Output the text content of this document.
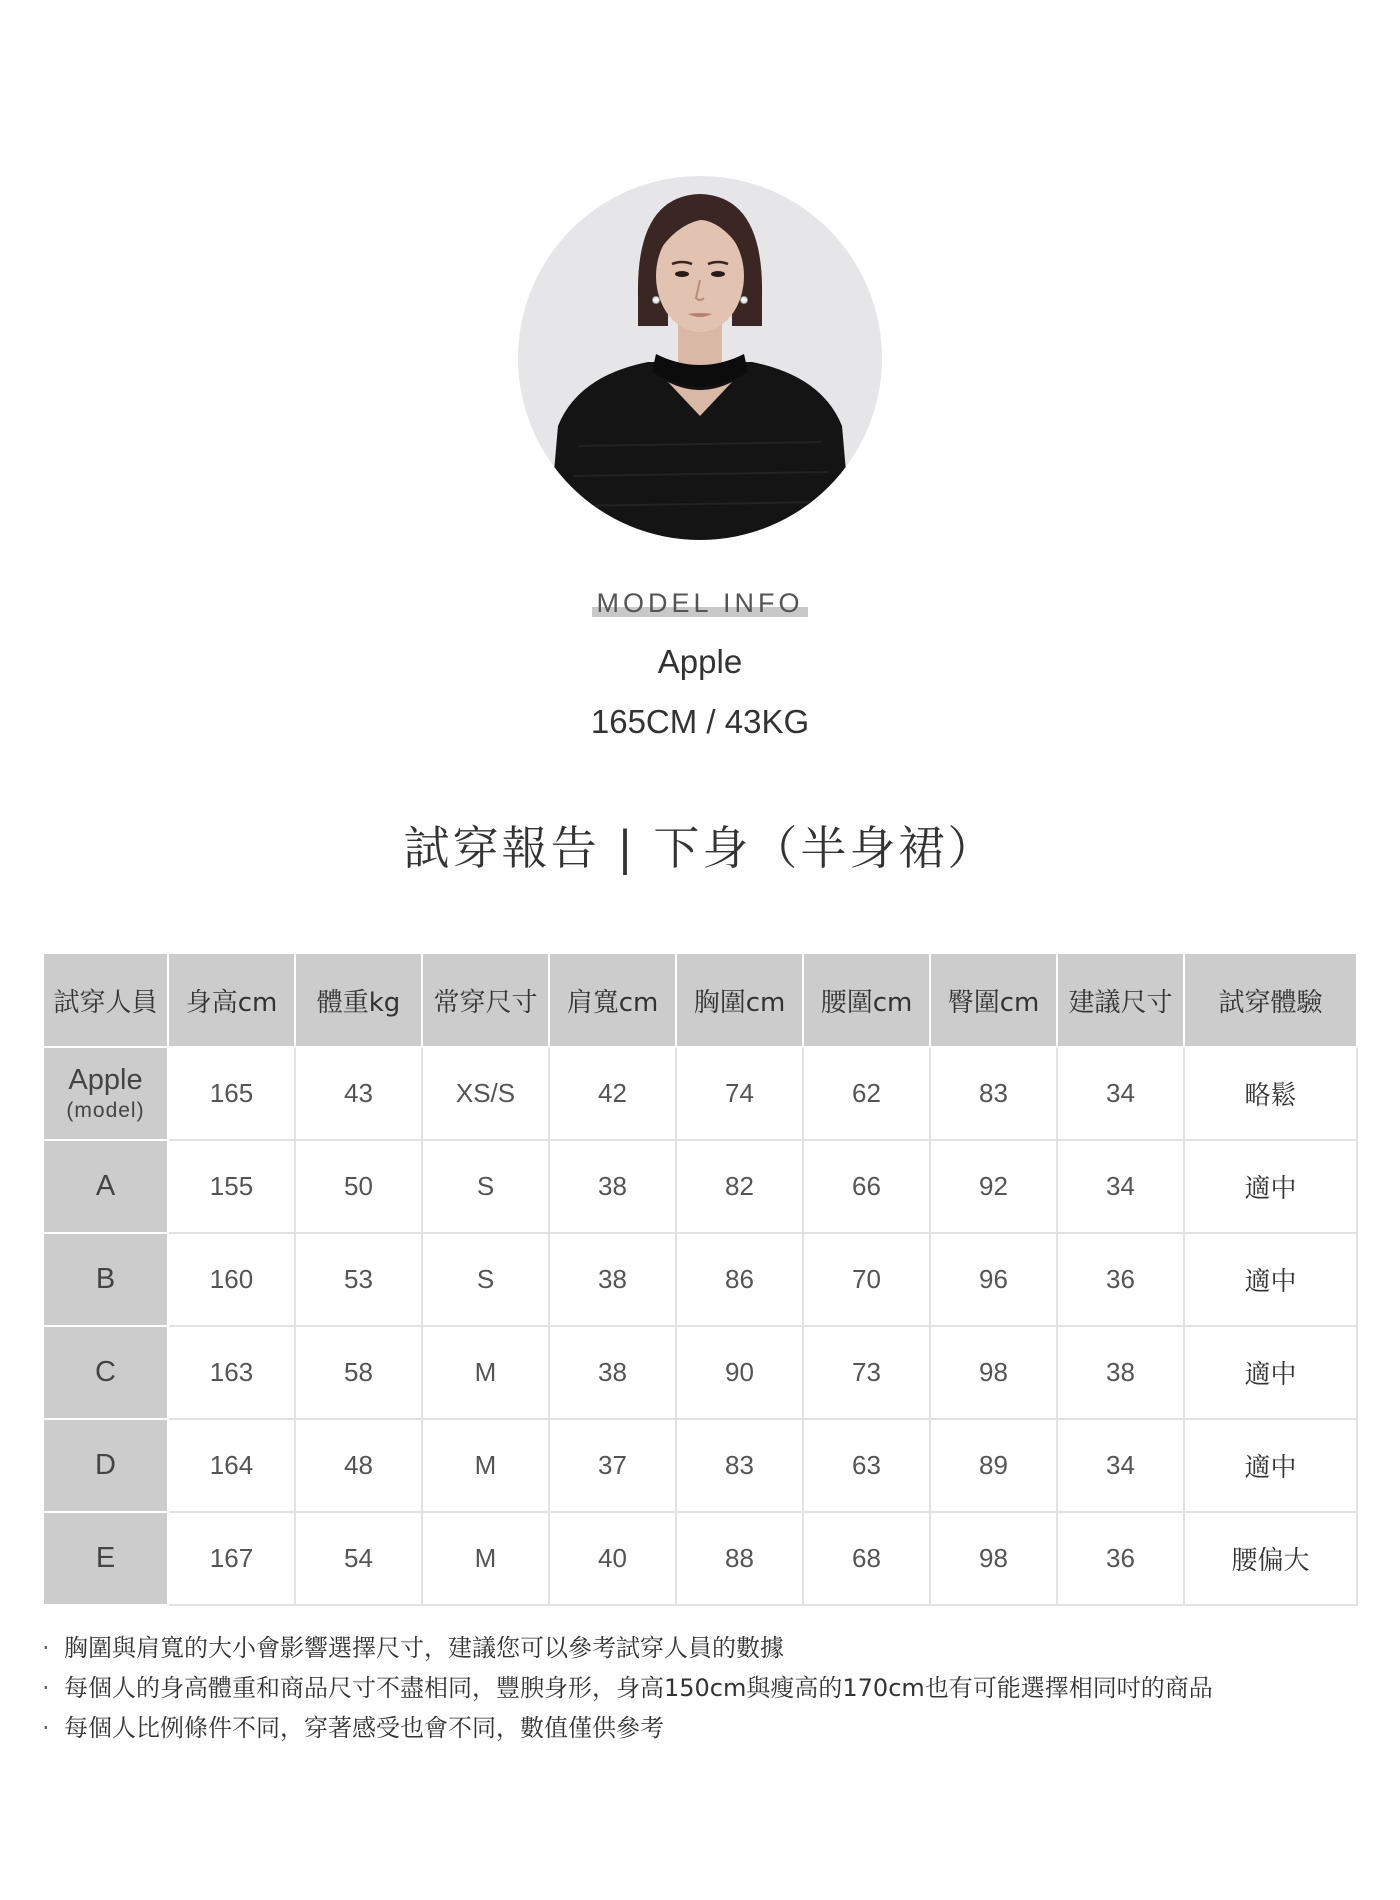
MODEL INFO
Apple
165CM / 43KG
試穿報告 | 下身（半身裙）
試穿人員	身高cm	體重kg	常穿尺寸	肩寬cm	胸圍cm	腰圍cm	臀圍cm	建議尺寸	試穿體驗

Apple
(model)	165	43	XS/S	42	74	62	83	34	略鬆

A	155	50	S	38	82	66	92	34	適中

B	160	53	S	38	86	70	96	36	適中

C	163	58	M	38	90	73	98	38	適中

D	164	48	M	37	83	63	89	34	適中

E	167	54	M	40	88	68	98	36	腰偏大
· 胸圍與肩寬的大小會影響選擇尺寸，建議您可以參考試穿人員的數據
· 每個人的身高體重和商品尺寸不盡相同，豐腴身形，身高150cm與瘦高的170cm也有可能選擇相同吋的商品
· 每個人比例條件不同，穿著感受也會不同，數值僅供參考
